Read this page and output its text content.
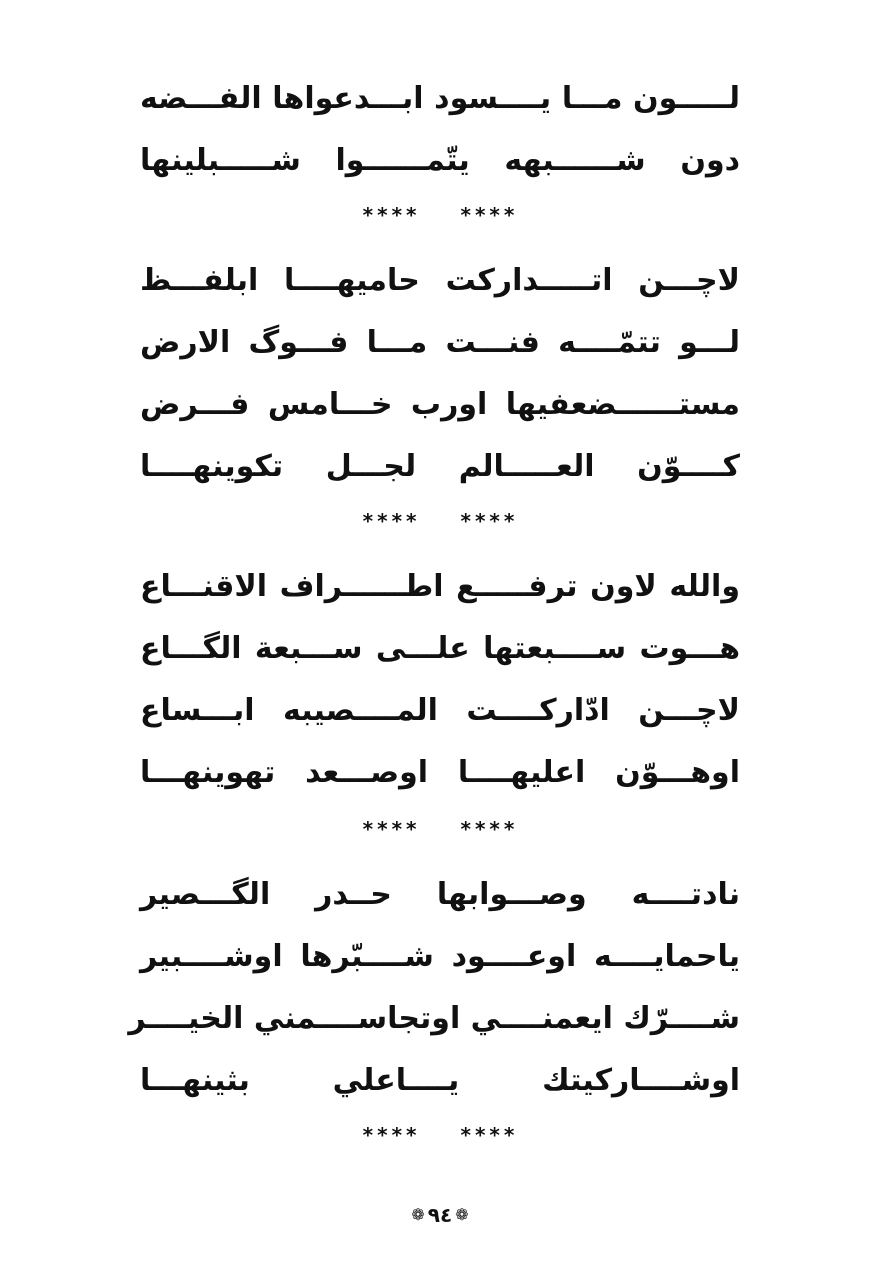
لـــــون مـــا يــــسود ابـــدعواها الفـــضه
دون شــــــبهه يتّمــــــوا شـــــبلينها
**** ****
لاچـــن اتـــــداركت حاميهــــا ابلفـــظ
لـــو تتمّــــه فنـــت مـــا فـــوگ الارض
مستــــــضعفيها اورب خـــامس فـــرض
كــــوّن العـــــالم لجـــل تكوينهــــا
**** ****
والله لاون ترفـــــع اطــــــراف الاقنـــاع
هـــوت ســــبعتها علـــى ســـبعة الگـــاع
لاچـــن ادّاركــــت المــــصيبه ابـــساع
اوهـــوّن اعليهــــا اوصـــعد تهوينهـــا
**** ****
نادتــــه وصـــوابها حــدر الگـــصير
ياحمايــــه اوعــــود شــــبّرها اوشــــبير
شــــرّك ايعمنــــي اوتجاســــمني الخيــــر
اوشــــاركيتك يــــاعلي بثينهـــا
**** ****
❁
٩٤
❁
